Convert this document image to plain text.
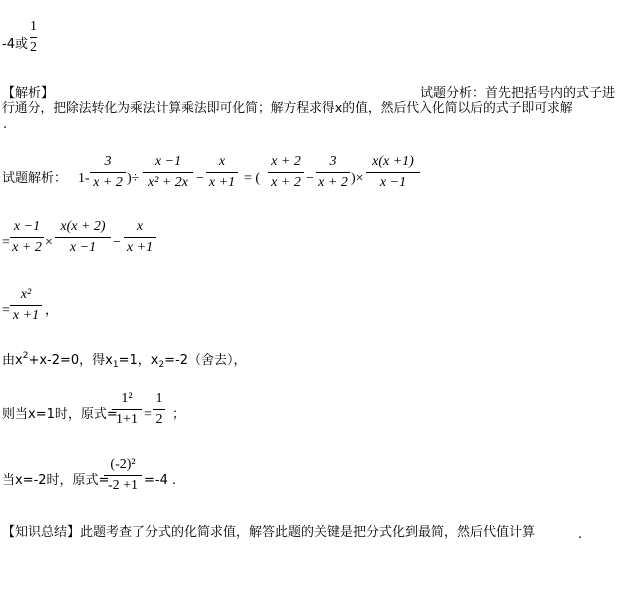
-4或
1
2
【解析】	试题分析：首先把括号内的式子进
行通分，把除法转化为乘法计算乘法即可化简；解方程求得x的值，然后代入化简以后的式子即可求解
.
试题解析： 1-
3
x + 2 )÷
x −1
x² + 2x −
x
x +1 = (
x + 2
x + 2 −
3
x + 2 )×
x(x +1)
x −1
=
x −1
x + 2 ×
x(x + 2)
x −1	−
x
x +1
=
x²
x +1 ，
由$x^2+x-2=0$，得$x_1=1$，$x_2=-2$（舍去），
则当x=1时，原式=
1²
1+1 =
1
2 ；
当x=-2时，原式=
(-2)²
-2 +1 =-4 .
【知识总结】此题考查了分式的化简求值，解答此题的关键是把分式化到最简，然后代值计算	.
